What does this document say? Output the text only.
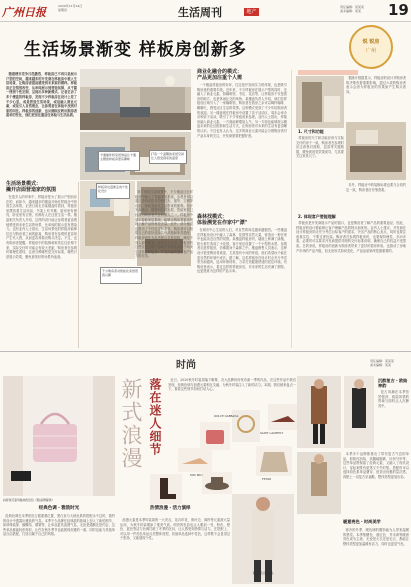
广州日报	2020年12月24日
星期四	生活周刊	地产
责任编辑：某某某
美术编辑：某某 19
生活场景渐变 样板房创新多	锐 锐房
广州
⠀随着楼市竞争日趋激烈，样板房已不再只是展示户型的空间，越来越多的开发商在样板房中植入生活场景，让购房者提前感受到未来家的模样。样板房正在悄然改变，从单纯展示到营造氛围，从千篇一律到个性定制，呈现出多种新模式。记者走访了多个楼盘的样板房，发现不少样板房在设计上花了不少心思，或是营造生活场景，或是融入商业元素，或是引入自然理念，让参观者在体验中找到对家的向往。样板房的创新，也从侧面反映出购房者需求的变化，他们更加注重居住体验与生活品质。
卡通插件和家居饰品让卡通主题的样板房更有趣味
打造一个温馨的家居空间 让人感受到家的温度
生活场景模式：
撬开店面营造家的氛围
⠀在很多人的印象中，样板房是为了展示户型而存在的，而如今，越来越多的楼盘开始在样板房中营造生活场景。记者日前走访某楼盘时看到，样板房里摆放着生活用品，书架上有书籍，厨房里有餐具，卧室里有衣物，仿佛有人在这里生活一样。楼盘相关负责人介绍，这样的设计能让参观者更直观地感受到未来生活的场景，比单纯的展示更有感染力。也有业内人士指出，生活场景化的样板房能够拉近与购房者之间的距离，购房者在参观时更容易产生代入感，从而更容易做出购买决定。不过，也有购房者提醒，样板房中的装修和家具往往价格不菲，实际交付时可能会有较大差距，购房者在参观时要理性看待，注意分辨哪些是交付标准，哪些只是展示效果，避免被美好的场景所迷惑。
不少购房者对智能化家居很感兴趣
样板房也逐渐走向个性化设计	⠀除了营造生活场景外，不少楼盘还在样板房中植入了智能家居系统。参观者可以通过手机或语音控制灯光、窗帘、空调等设备，体验智能化生活带来的便利。有开发商表示，随着科技的发展，智能家居已经成为购房者关注的重点之一，样板房中展示智能家居系统，能够让购房者更直观地了解产品的科技含量。此外，部分楼盘还推出了个性化定制服务，购房者可以根据自己的喜好选择装修风格和家具搭配，样板房则作为参考展示多种风格，满足不同人群的需求。业内人士认为，样板房的这些变化反映了房地产市场从卖房子向卖生活转变的趋势，开发商越来越重视产品力的打造。
商业化融合的模式：
产品更加注重个人需
⠀一个楼盘样板房的好坏，往往是开发商实力的体现，也是吸引购房者的重要手段。近年来，不少样板房在展示户型的同时，还融入了商业元素，如咖啡馆、书店、花店等，让样板房不仅是看房的地方，也是休闲社交的场所。某楼盘负责人介绍，他们在样板房区域引入了一家咖啡馆，购房者在看房之余可以喝杯咖啡、聊聊天，感受社区生活的氛围。这种模式受到了不少年轻购房者的欢迎。另一楼盘则在样板房中设置了亲子活动区，周末会举办各种亲子活动，吸引了不少家庭前来参观。业内人士指出，样板房融入商业元素，一方面能够增加人气，另一方面也能够展示楼盘未来的社区配套和生活方式，让购房者对未来的生活有更清晰的认识。不过也有人认为，过多的商业元素可能会分散购房者对产品本身的关注，开发商需要把握好度。
森林找模式：
体验溯觉在作家中"漂"
⠀在城市中心生活的人们，对自然的向往越来越强烈。一些楼盘在样板房设计中融入了森林、花园等自然元素，营造出一种在家中也能亲近自然的氛围。某楼盘样板房内，墙面上种满了绿植，阳台被打造成了小花园，客厅里还设置了一个小型的水景，参观者走进样板房，仿佛置身于森林之中。楼盘销售人员表示，这种设计很受购房者欢迎，尤其是有小孩的家庭，他们希望孩子能在更自然的环境中成长。据了解，这类样板房在设计时会充分考虑采光和通风，选用环保材料，力求打造健康舒适的居住环境。有购房者表示，看过这样的样板房后，对未来的生活充满了期待，也更愿意为这样的产品买单。
⠀据统计数据显示，样板房的设计对购房者的决策有着重要影响，超过六成的购房者表示会因为样板房的效果而产生购买意向。
1. 尺寸和功能
⠀样板房的尺寸和功能应该与实际交付的房子一致，购房者在参观时应注意核对面积、层高等关键数据，避免被视觉效果误导，尤其要关注家具尺寸。
⠀另外，样板房中的装修标准也要与合同约定一致，购房者应仔细查看。
2. 体现客户要能理解
⠀样板房是开发商展示产品的窗口，也是购房者了解产品的重要途径。因此，样板房的设计要能够让客户理解产品的特点和优势。业内人士建议，开发商在设计样板房时应充分考虑目标客户的需求，突出产品的核心卖点，同时也要注意真实性，不要过度包装。购房者在参观样板房时，也要保持理性，多问多看，必要时可以要求开发商提供详细的交付标准说明，确保自己的权益不受损害。总的来说，样板房的创新为购房者带来了更好的看房体验，也推动了房地产市场的产品升级，但无论形式如何变化，产品品质始终是最重要的。
时尚	责任编辑：某某某
美术编辑：某某
斜挎包可爱风格纯色包包（图/品牌提供）
落在迷人细节
新式浪漫	⠀近日，2020秋冬时装周落下帷幕，各大品牌纷纷发布新一季的作品，在这些作品中我们发现，经典色调与浪漫元素相互交融，为秋冬时装注入了新的活力。本期，我们就来盘点一下，看看这些细节如何打动人心。
DOLCE GABBANA
SAINT LAURENT
MIU MIU
FENDI
沉醉复古・欧陆神韵
⠀复古风潮在本季依然强劲，欧陆风情的剪裁与面料让人沉醉其中。
⠀本季多个品牌都推出了带有复古气息的单品，如格纹西装、高腰阔腿裤、针织马甲等，这些单品既保留了经典元素，又融入了现代设计，穿起来既有质感又不失时髦。搭配时可以选择同色系单品叠穿，营造出优雅的层次感，再配上一双复古乐福鞋，整体造型更加出彩。
暖意亮色・时尚美学
⠀寒冷的冬季，暖色调的服饰能为人带来温暖的感觉。本季焦糖色、酒红色、芥末黄等暖意亮色成为主流，无论是大衣还是毛衣，都能让整体造型更加温暖有活力，同时也更显气色。
经典色调・雅致时光
⠀经典色调在本季依旧占据重要位置，黑白灰与大地色系的搭配永不过时，简约的设计中透露出雅致的气息。本季不少品牌在经典款的基础上加入了新的细节，如珍珠装饰、蝴蝶结、褶皱等，让单品更具浪漫气息。无论是通勤还是约会，这些单品都能轻松驾驭，让你在秋冬季节也能展现优雅的一面，同时也能与其他单品自由搭配，打造出属于自己的风格。
热情浪漫・活力演绎
⠀浪漫元素是本季时装周的一大亮点，花卉印花、荷叶边、薄纱等元素被大量运用，为秋冬时装增添了柔美气质。明亮的色彩也让人眼前一亮，粉色、橙色、蓝色等活力色调打破了冬季的沉闷，让人感受到热情与活力。在搭配上，可以用一件亮色单品点亮整体造型，其他单品选择中性色，这样既不会显得过于张扬，又能展现个性。
春夏秋冬百搭单品
